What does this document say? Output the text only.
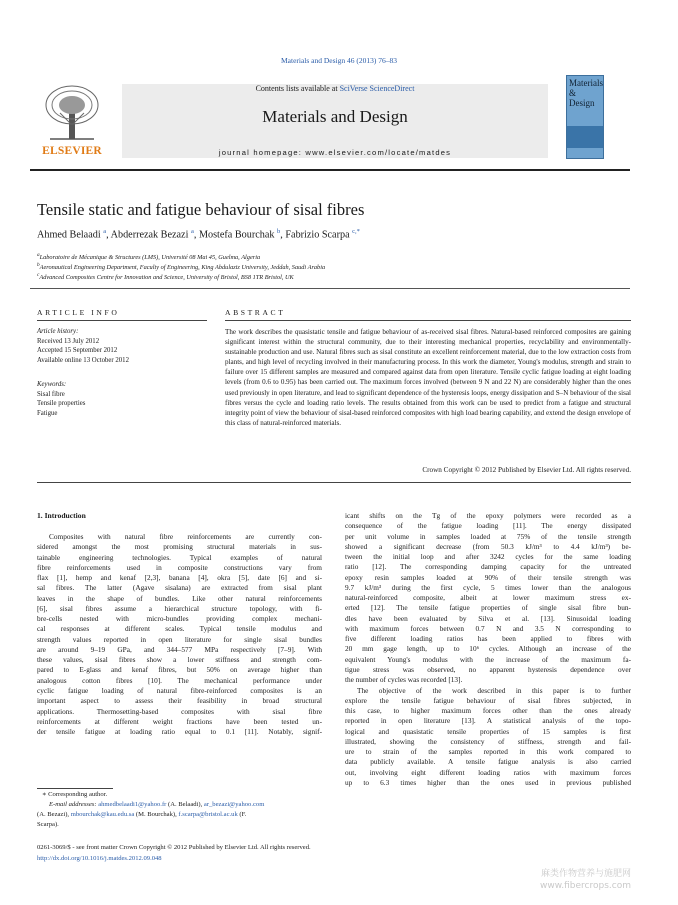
Materials and Design 46 (2013) 76–83
ELSEVIER
Contents lists available at SciVerse ScienceDirect
Materials and Design
journal homepage: www.elsevier.com/locate/matdes
Materials & Design
Tensile static and fatigue behaviour of sisal fibres
Ahmed Belaadi $^a$, Abderrezak Bezazi $^a$, Mostefa Bourchak $^b$, Fabrizio Scarpa $^{c,*}$
$^a$Laboratoire de Mécanique & Structures (LMS), Université 08 Mai 45, Guelma, Algeria
$^b$Aeronautical Engineering Department, Faculty of Engineering, King Abdulaziz University, Jeddah, Saudi Arabia
$^c$Advanced Composites Centre for Innovation and Science, University of Bristol, BS8 1TR Bristol, UK
ARTICLE INFO
Article history:
Received 13 July 2012
Accepted 15 September 2012
Available online 13 October 2012
Keywords:
Sisal fibre
Tensile properties
Fatigue
ABSTRACT
The work describes the quasistatic tensile and fatigue behaviour of as-received sisal fibres. Natural-based reinforced composites are gaining significant interest within the structural community, due to their interesting mechanical properties, recyclability and environmentally-sustainable production and use. Natural fibres such as sisal constitute an excellent reinforcement material, due to the low extraction costs from plants, and high level of recycling involved in their manufacturing process. In this work the diameter, Young's modulus, strength and strain to failure over 15 different samples are measured and compared against data from open literature. Tensile cyclic fatigue loading at eight loading levels (from 0.6 to 0.95) has been carried out. The maximum forces involved (between 9 N and 22 N) are considerably higher than the ones used previously in open literature, and lead to significant dependence of the hysteresis loops, energy dissipation and S–N behaviour of the sisal fibres versus the cycle and loading ratio levels. The results obtained from this work can be used to predict from a fatigue and structural integrity point of view the behaviour of sisal-based reinforced composites with high load bearing capability, and extend the design envelope of this class of natural-reinforced materials.
Crown Copyright © 2012 Published by Elsevier Ltd. All rights reserved.
1. Introduction
Composites with natural fibre reinforcements are currently con-
sidered amongst the most promising structural materials in sus-
tainable engineering technologies. Typical examples of natural
fibre reinforcements used in composite constructions vary from
flax [1], hemp and kenaf [2,3], banana [4], okra [5], date [6] and si-
sal fibres. The latter (Agave sisalana) are extracted from sisal plant
leaves in the shape of bundles. Like other natural reinforcements
[6], sisal fibres assume a hierarchical structure topology, with fi-
bre-cells nested with micro-bundles providing complex mechani-
cal responses at different scales. Typical tensile modulus and
strength values reported in open literature for single sisal bundles
are around 9–19 GPa, and 344–577 MPa respectively [7–9]. With
these values, sisal fibres show a lower stiffness and strength com-
pared to E-glass and kenaf fibres, but 50% on average higher than
analogous cotton fibres [10]. The mechanical performance under
cyclic fatigue loading of natural fibre-reinforced composites is an
important aspect to assess their feasibility in broad structural
applications. Thermosetting-based composites with sisal fibre
reinforcements at different weight fractions have been tested un-
der tensile fatigue at loading ratio equal to 0.1 [11]. Notably, signif-
icant shifts on the Tg of the epoxy polymers were recorded as a
consequence of the fatigue loading [11]. The energy dissipated
per unit volume in samples loaded at 75% of the tensile strength
showed a significant decrease (from 50.3 kJ/m³ to 4.4 kJ/m³) be-
tween the initial loop and after 3242 cycles for the same loading
ratio [12]. The corresponding damping capacity for the untreated
epoxy resin samples loaded at 90% of their tensile strength was
9.7 kJ/m³ during the first cycle, 5 times lower than the analogous
natural-reinforced composite, albeit at lower maximum stress ex-
erted [12]. The tensile fatigue properties of single sisal fibre bun-
dles have been evaluated by Silva et al. [13]. Sinusoidal loading
with maximum forces between 0.7 N and 3.5 N corresponding to
five different loading ratios has been applied to fibres with
20 mm gage length, up to 10⁶ cycles. Although an increase of the
equivalent Young's modulus with the increase of the maximum fa-
tigue stress was observed, no apparent hysteresis dependence over
the number of cycles was recorded [13].
The objective of the work described in this paper is to further
explore the tensile fatigue behaviour of sisal fibres subjected, in
this case, to higher maximum forces other than the ones already
reported in open literature [13]. A statistical analysis of the topo-
logical and quasistatic tensile properties of 15 samples is first
illustrated, showing the consistency of stiffness, strength and fail-
ure to strain of the samples reported in this work compared to
data publicly available. A tensile fatigue analysis is also carried
out, involving eight different loading ratios with maximum forces
up to 6.3 times higher than the ones used in previous published
∗ Corresponding author.
E-mail addresses: ahmedbelaadi1@yahoo.fr (A. Belaadi), ar_bezazi@yahoo.com
(A. Bezazi), mbourchak@kau.edu.sa (M. Bourchak), f.scarpa@bristol.ac.uk (F.
Scarpa).
0261-3069/$ - see front matter Crown Copyright © 2012 Published by Elsevier Ltd. All rights reserved.
http://dx.doi.org/10.1016/j.matdes.2012.09.048
麻类作物营养与施肥网
www.fibercrops.com
